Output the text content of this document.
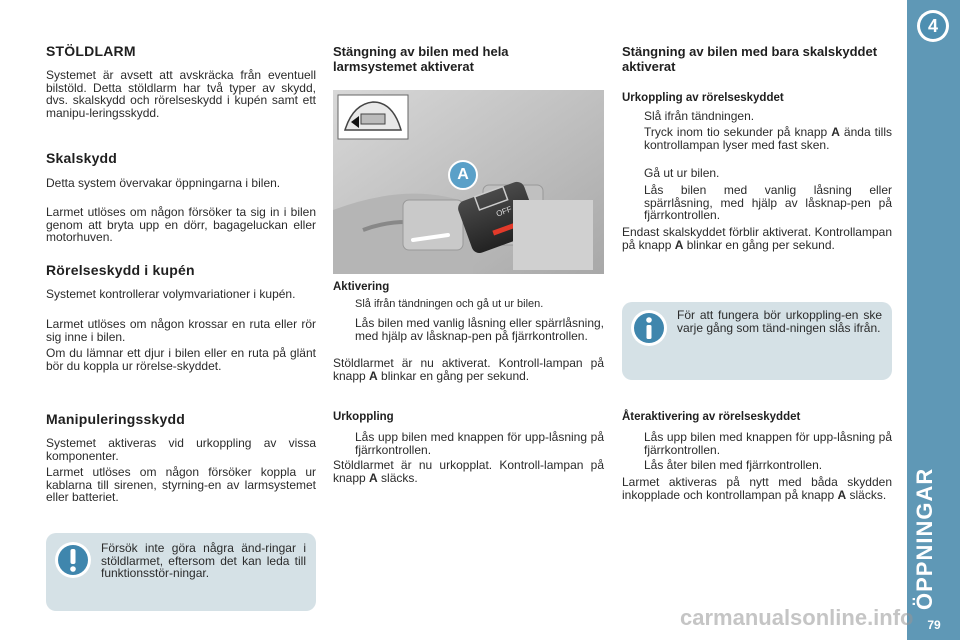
4
ÖPPNINGAR
79
STÖLDLARM

Systemet är avsett att avskräcka från eventuell bilstöld. Detta stöldlarm har två typer av skydd, dvs. skalskydd och rörelseskydd i kupén samt ett manipu-leringsskydd.

Skalskydd

Detta system övervakar öppningarna i bilen.

Larmet utlöses om någon försöker ta sig in i bilen genom att bryta upp en dörr, bagageluckan eller motorhuven.

Rörelseskydd i kupén

Systemet kontrollerar volymvariationer i kupén.

Larmet utlöses om någon krossar en ruta eller rör sig inne i bilen.

Om du lämnar ett djur i bilen eller en ruta på glänt bör du koppla ur rörelse-skyddet.

Manipuleringsskydd

Systemet aktiveras vid urkoppling av vissa komponenter.

Larmet utlöses om någon försöker koppla ur kablarna till sirenen, styrning-en av larmsystemet eller batteriet.

Försök inte göra några änd-ringar i stöldlarmet, eftersom det kan leda till funktionsstör-ningar.

Stängning av bilen med hela larmsystemet aktiverat
A
OFF
Aktivering
Slå ifrån tändningen och gå ut ur bilen.
Lås bilen med vanlig låsning eller spärrlåsning, med hjälp av låsknap-pen på fjärrkontrollen.

Stöldlarmet är nu aktiverat. Kontroll-lampan på knapp A blinkar en gång per sekund.

Urkoppling
Lås upp bilen med knappen för upp-låsning på fjärrkontrollen.

Stöldlarmet är nu urkopplat. Kontroll-lampan på knapp A släcks.

Stängning av bilen med bara skalskyddet aktiverat
Urkoppling av rörelseskyddet
Slå ifrån tändningen.
Tryck inom tio sekunder på knapp A ända tills kontrollampan lyser med fast sken.
Gå ut ur bilen.
Lås bilen med vanlig låsning eller spärrlåsning, med hjälp av låsknap-pen på fjärrkontrollen.

Endast skalskyddet förblir aktiverat. Kontrollampan på knapp A blinkar en gång per sekund.

För att fungera bör urkoppling-en ske varje gång som tänd-ningen slås ifrån.

Återaktivering av rörelseskyddet
Lås upp bilen med knappen för upp-låsning på fjärrkontrollen.
Lås åter bilen med fjärrkontrollen.

Larmet aktiveras på nytt med båda skydden inkopplade och kontrollampan på knapp A släcks.

carmanualsonline.info
